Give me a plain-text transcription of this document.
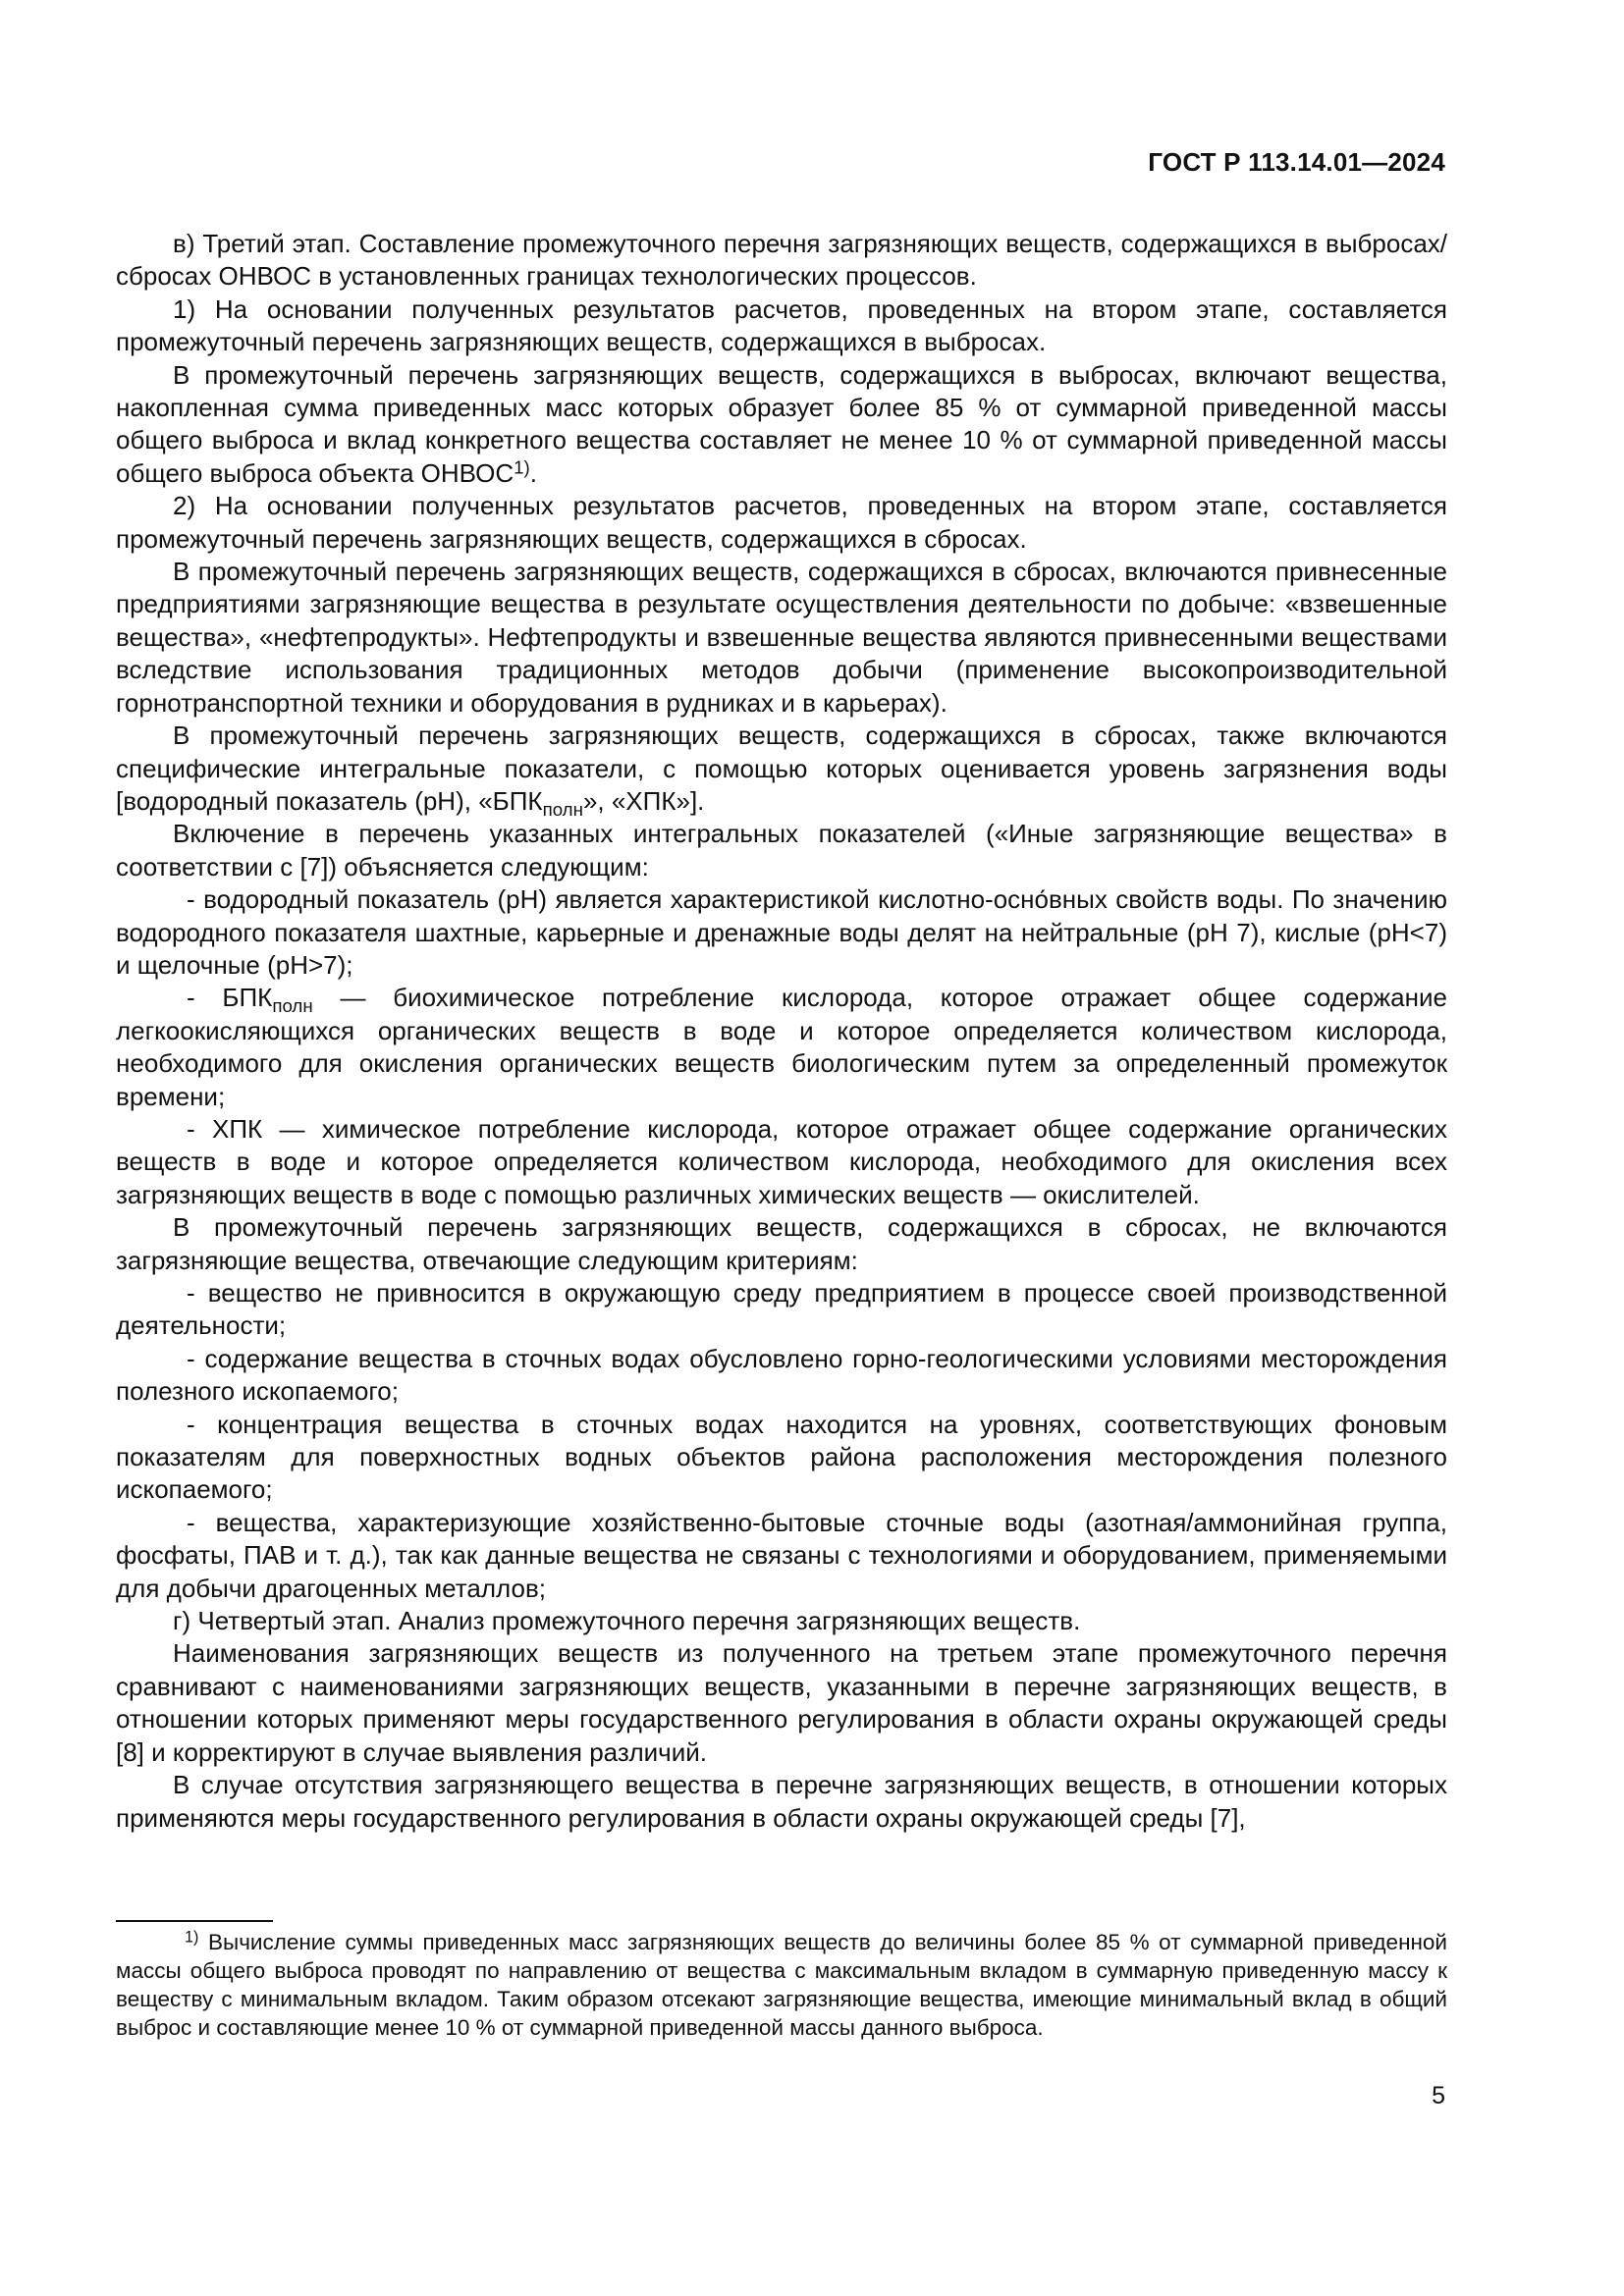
ГОСТ Р 113.14.01—2024

в) Третий этап. Составление промежуточного перечня загрязняющих веществ, содержащихся в выбросах/сбросах ОНВОС в установленных границах технологических процессов.

1) На основании полученных результатов расчетов, проведенных на втором этапе, составляется промежуточный перечень загрязняющих веществ, содержащихся в выбросах.

В промежуточный перечень загрязняющих веществ, содержащихся в выбросах, включают вещества, накопленная сумма приведенных масс которых образует более 85 % от суммарной приведенной массы общего выброса и вклад конкретного вещества составляет не менее 10 % от суммарной приведенной массы общего выброса объекта ОНВОС$^{1)}$.

2) На основании полученных результатов расчетов, проведенных на втором этапе, составляется промежуточный перечень загрязняющих веществ, содержащихся в сбросах.

В промежуточный перечень загрязняющих веществ, содержащихся в сбросах, включаются привнесенные предприятиями загрязняющие вещества в результате осуществления деятельности по добыче: «взвешенные вещества», «нефтепродукты». Нефтепродукты и взвешенные вещества являются привнесенными веществами вследствие использования традиционных методов добычи (применение высокопроизводительной горнотранспортной техники и оборудования в рудниках и в карьерах).

В промежуточный перечень загрязняющих веществ, содержащихся в сбросах, также включаются специфические интегральные показатели, с помощью которых оценивается уровень загрязнения воды [водородный показатель (pH), «$БПК_{полн}$», «ХПК»].

Включение в перечень указанных интегральных показателей («Иные загрязняющие вещества» в соответствии с [7]) объясняется следующим:

- водородный показатель (pH) является характеристикой кислотно-осно́вных свойств воды. По значению водородного показателя шахтные, карьерные и дренажные воды делят на нейтральные (pH 7), кислые (pH<7) и щелочные (pH>7);

- $БПК_{полн}$ — биохимическое потребление кислорода, которое отражает общее содержание легкоокисляющихся органических веществ в воде и которое определяется количеством кислорода, необходимого для окисления органических веществ биологическим путем за определенный промежуток времени;

- ХПК — химическое потребление кислорода, которое отражает общее содержание органических веществ в воде и которое определяется количеством кислорода, необходимого для окисления всех загрязняющих веществ в воде с помощью различных химических веществ — окислителей.

В промежуточный перечень загрязняющих веществ, содержащихся в сбросах, не включаются загрязняющие вещества, отвечающие следующим критериям:

- вещество не привносится в окружающую среду предприятием в процессе своей производственной деятельности;

- содержание вещества в сточных водах обусловлено горно-геологическими условиями месторождения полезного ископаемого;

- концентрация вещества в сточных водах находится на уровнях, соответствующих фоновым показателям для поверхностных водных объектов района расположения месторождения полезного ископаемого;

- вещества, характеризующие хозяйственно-бытовые сточные воды (азотная/аммонийная группа, фосфаты, ПАВ и т. д.), так как данные вещества не связаны с технологиями и оборудованием, применяемыми для добычи драгоценных металлов;

г) Четвертый этап. Анализ промежуточного перечня загрязняющих веществ.

Наименования загрязняющих веществ из полученного на третьем этапе промежуточного перечня сравнивают с наименованиями загрязняющих веществ, указанными в перечне загрязняющих веществ, в отношении которых применяют меры государственного регулирования в области охраны окружающей среды [8] и корректируют в случае выявления различий.

В случае отсутствия загрязняющего вещества в перечне загрязняющих веществ, в отношении которых применяются меры государственного регулирования в области охраны окружающей среды [7],

$^{1)}$ Вычисление суммы приведенных масс загрязняющих веществ до величины более 85 % от суммарной приведенной массы общего выброса проводят по направлению от вещества с максимальным вкладом в суммарную приведенную массу к веществу с минимальным вкладом. Таким образом отсекают загрязняющие вещества, имеющие минимальный вклад в общий выброс и составляющие менее 10 % от суммарной приведенной массы данного выброса.

5
